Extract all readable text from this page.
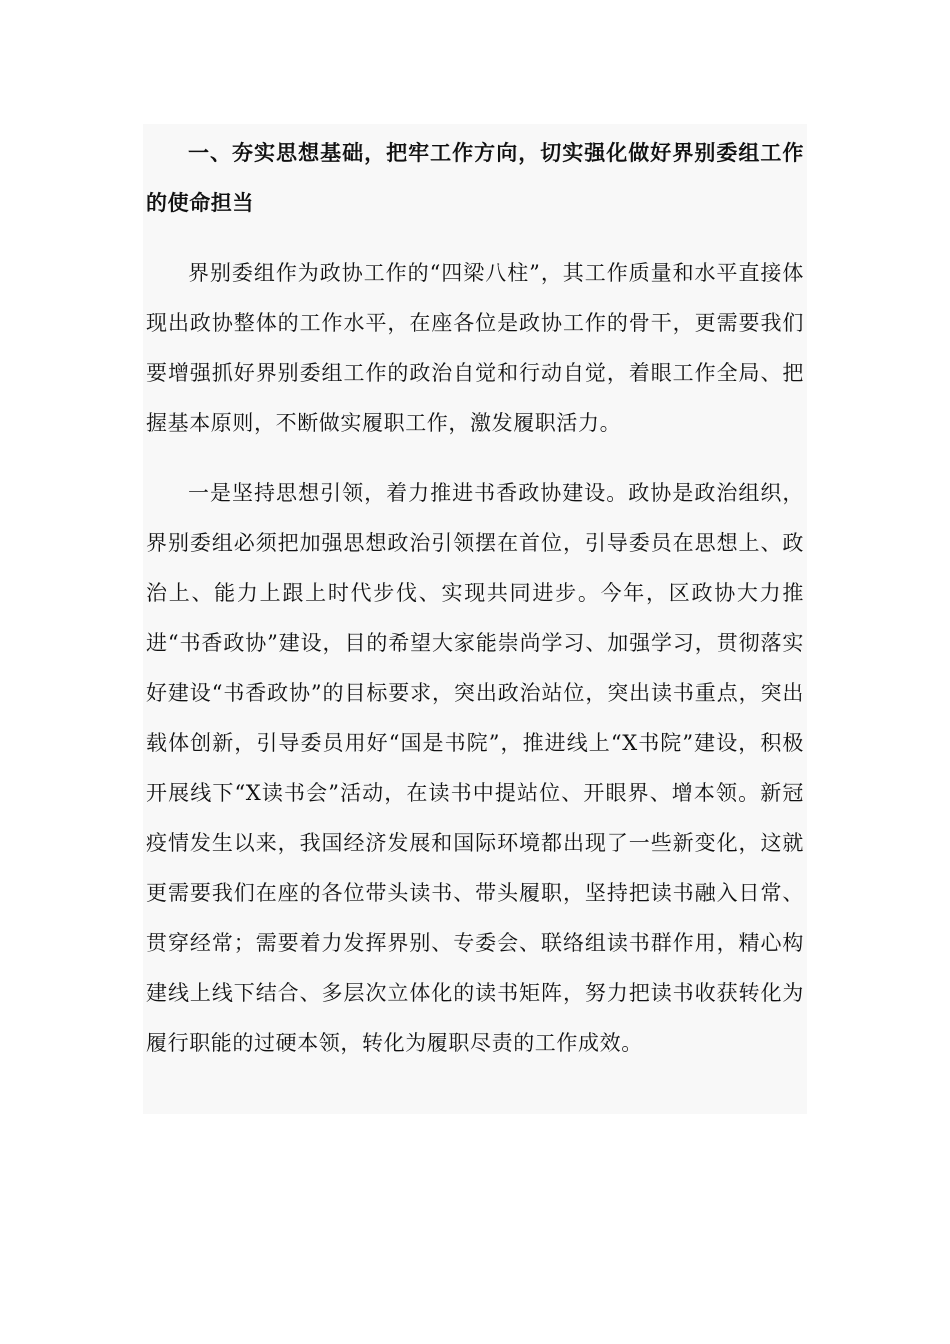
一、夯实思想基础，把牢工作方向，切实强化做好界别委组工作的使命担当

界别委组作为政协工作的“四梁八柱”，其工作质量和水平直接体现出政协整体的工作水平，在座各位是政协工作的骨干，更需要我们要增强抓好界别委组工作的政治自觉和行动自觉，着眼工作全局、把握基本原则，不断做实履职工作，激发履职活力。

一是坚持思想引领，着力推进书香政协建设。政协是政治组织，界别委组必须把加强思想政治引领摆在首位，引导委员在思想上、政治上、能力上跟上时代步伐、实现共同进步。今年，区政协大力推进“书香政协”建设，目的希望大家能崇尚学习、加强学习，贯彻落实好建设“书香政协”的目标要求，突出政治站位，突出读书重点，突出载体创新，引导委员用好“国是书院”，推进线上“X书院”建设，积极开展线下“X读书会”活动，在读书中提站位、开眼界、增本领。新冠疫情发生以来，我国经济发展和国际环境都出现了一些新变化，这就更需要我们在座的各位带头读书、带头履职，坚持把读书融入日常、贯穿经常；需要着力发挥界别、专委会、联络组读书群作用，精心构建线上线下结合、多层次立体化的读书矩阵，努力把读书收获转化为履行职能的过硬本领，转化为履职尽责的工作成效。
